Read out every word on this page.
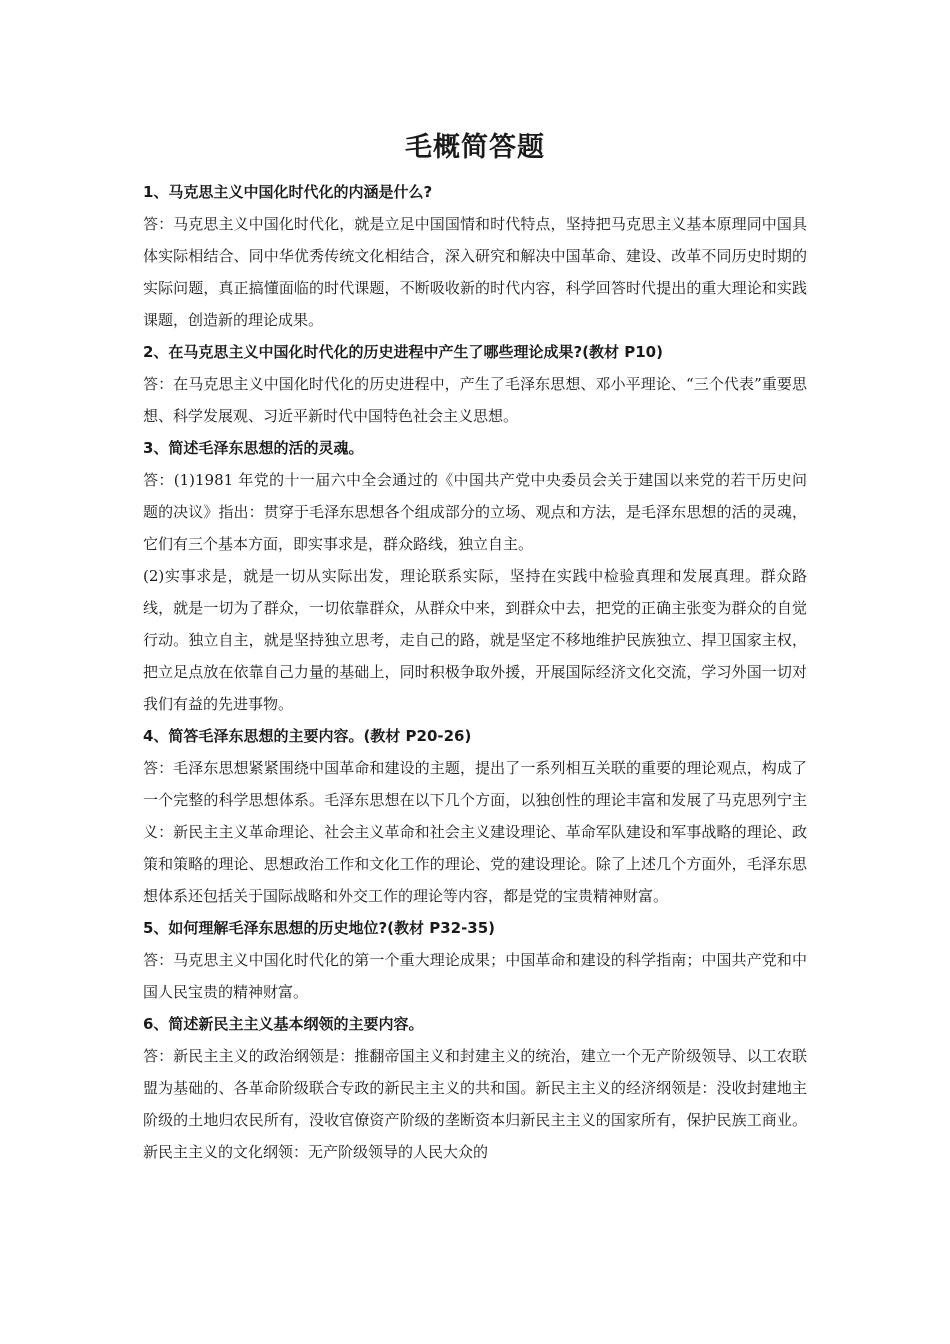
毛概简答题

1、马克思主义中国化时代化的内涵是什么?

答：马克思主义中国化时代化，就是立足中国国情和时代特点，坚持把马克思主义基本原理同中国具体实际相结合、同中华优秀传统文化相结合，深入研究和解决中国革命、建设、改革不同历史时期的实际问题，真正搞懂面临的时代课题，不断吸收新的时代内容，科学回答时代提出的重大理论和实践课题，创造新的理论成果。

2、在马克思主义中国化时代化的历史进程中产生了哪些理论成果?(教材 P10)

答：在马克思主义中国化时代化的历史进程中，产生了毛泽东思想、邓小平理论、“三个代表”重要思想、科学发展观、习近平新时代中国特色社会主义思想。

3、简述毛泽东思想的活的灵魂。

答：(1)1981 年党的十一届六中全会通过的《中国共产党中央委员会关于建国以来党的若干历史问题的决议》指出：贯穿于毛泽东思想各个组成部分的立场、观点和方法，是毛泽东思想的活的灵魂，它们有三个基本方面，即实事求是，群众路线，独立自主。

(2)实事求是，就是一切从实际出发，理论联系实际，坚持在实践中检验真理和发展真理。群众路线，就是一切为了群众，一切依靠群众，从群众中来，到群众中去，把党的正确主张变为群众的自觉行动。独立自主，就是坚持独立思考，走自己的路，就是坚定不移地维护民族独立、捍卫国家主权，把立足点放在依靠自己力量的基础上，同时积极争取外援，开展国际经济文化交流，学习外国一切对我们有益的先进事物。

4、简答毛泽东思想的主要内容。(教材 P20-26)

答：毛泽东思想紧紧围绕中国革命和建设的主题，提出了一系列相互关联的重要的理论观点，构成了一个完整的科学思想体系。毛泽东思想在以下几个方面，以独创性的理论丰富和发展了马克思列宁主义：新民主主义革命理论、社会主义革命和社会主义建设理论、革命军队建设和军事战略的理论、政策和策略的理论、思想政治工作和文化工作的理论、党的建设理论。除了上述几个方面外，毛泽东思想体系还包括关于国际战略和外交工作的理论等内容，都是党的宝贵精神财富。

5、如何理解毛泽东思想的历史地位?(教材 P32-35)

答：马克思主义中国化时代化的第一个重大理论成果；中国革命和建设的科学指南；中国共产党和中国人民宝贵的精神财富。

6、简述新民主主义基本纲领的主要内容。

答：新民主主义的政治纲领是：推翻帝国主义和封建主义的统治，建立一个无产阶级领导、以工农联盟为基础的、各革命阶级联合专政的新民主主义的共和国。新民主主义的经济纲领是：没收封建地主阶级的土地归农民所有，没收官僚资产阶级的垄断资本归新民主主义的国家所有，保护民族工商业。新民主主义的文化纲领：无产阶级领导的人民大众的
